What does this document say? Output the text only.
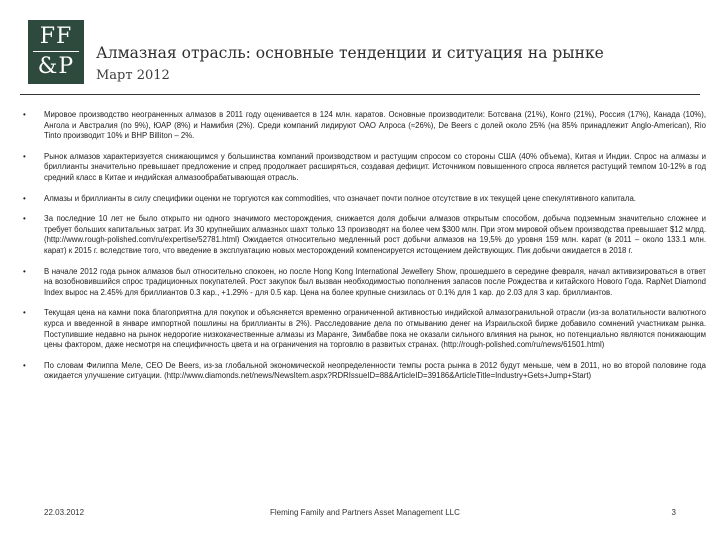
FF
&P
Алмазная отрасль: основные тенденции и ситуация на рынке
Март 2012
• Мировое производство неограненных алмазов в 2011 году оценивается в 124 млн. каратов. Основные производители: Ботсвана (21%), Конго (21%), Россия (17%), Канада (10%), Ангола и Австралия (по 9%), ЮАР (8%) и Намибия (2%). Среди компаний лидируют ОАО Алроса (≈26%), De Beers с долей около 25% (на 85% принадлежит Anglo-American), Rio Tinto производит 10% и BHP Billiton – 2%.
• Рынок алмазов характеризуется снижающимся у большинства компаний производством и растущим спросом со стороны США (40% объема), Китая и Индии. Спрос на алмазы и бриллианты значительно превышает предложение и спред продолжает расширяться, создавая дефицит. Источником повышенного спроса является растущий темпом 10-12% в год средний класс в Китае и индийская алмазообрабатывающая отрасль.
• Алмазы и бриллианты в силу специфики оценки не торгуются как commodities, что означает почти полное отсутствие в их текущей цене спекулятивного капитала.
• За последние 10 лет не было открыто ни одного значимого месторождения, снижается доля добычи алмазов открытым способом, добыча подземным значительно сложнее и требует больших капитальных затрат. Из 30 крупнейших алмазных шахт только 13 производят на более чем $300 млн. При этом мировой объем производства превышает $12 млрд. (http://www.rough-polished.com/ru/expertise/52781.html) Ожидается относительно медленный рост добычи алмазов на 19,5% до уровня 159 млн. карат (в 2011 – около 133.1 млн. карат) к 2015 г. вследствие того, что введение в эксплуатацию новых месторождений компенсируется истощением действующих. Пик добычи ожидается в 2018 г.
• В начале 2012 года рынок алмазов был относительно спокоен, но после Hong Kong International Jewellery Show, прошедшего в середине февраля, начал активизироваться в ответ на возобновившийся спрос традиционных покупателей. Рост закупок был вызван необходимостью пополнения запасов после Рождества и китайского Нового Года. RapNet Diamond Index вырос на 2.45% для бриллиантов 0.3 кар., +1.29% - для 0.5 кар. Цена на более крупные снизилась от 0.1% для 1 кар. до 2.03 для 3 кар. бриллиантов.
• Текущая цена на камни пока благоприятна для покупок и объясняется временно ограниченной активностью индийской алмазогранильной отрасли (из-за волатильности валютного курса и введенной в январе импортной пошлины на бриллианты в 2%). Расследование дела по отмыванию денег на Израильской бирже добавило сомнений участникам рынка. Поступившие недавно на рынок недорогие низкокачественные алмазы из Маранге, Зимбабве пока не оказали сильного влияния на рынок, но потенциально являются понижающим цены фактором, даже несмотря на специфичность цвета и на ограничения на торговлю в развитых странах. (http://rough-polished.com/ru/news/61501.html)
• По словам Филиппа Меле, CEO De Beers, из-за глобальной экономической неопределенности темпы роста рынка в 2012 будут меньше, чем в 2011, но во второй половине года ожидается улучшение ситуации. (http://www.diamonds.net/news/NewsItem.aspx?RDRIssueID=88&ArticleID=39186&ArticleTitle=Industry+Gets+Jump+Start)
22.03.2012	Fleming Family and Partners Asset Management LLC	3
